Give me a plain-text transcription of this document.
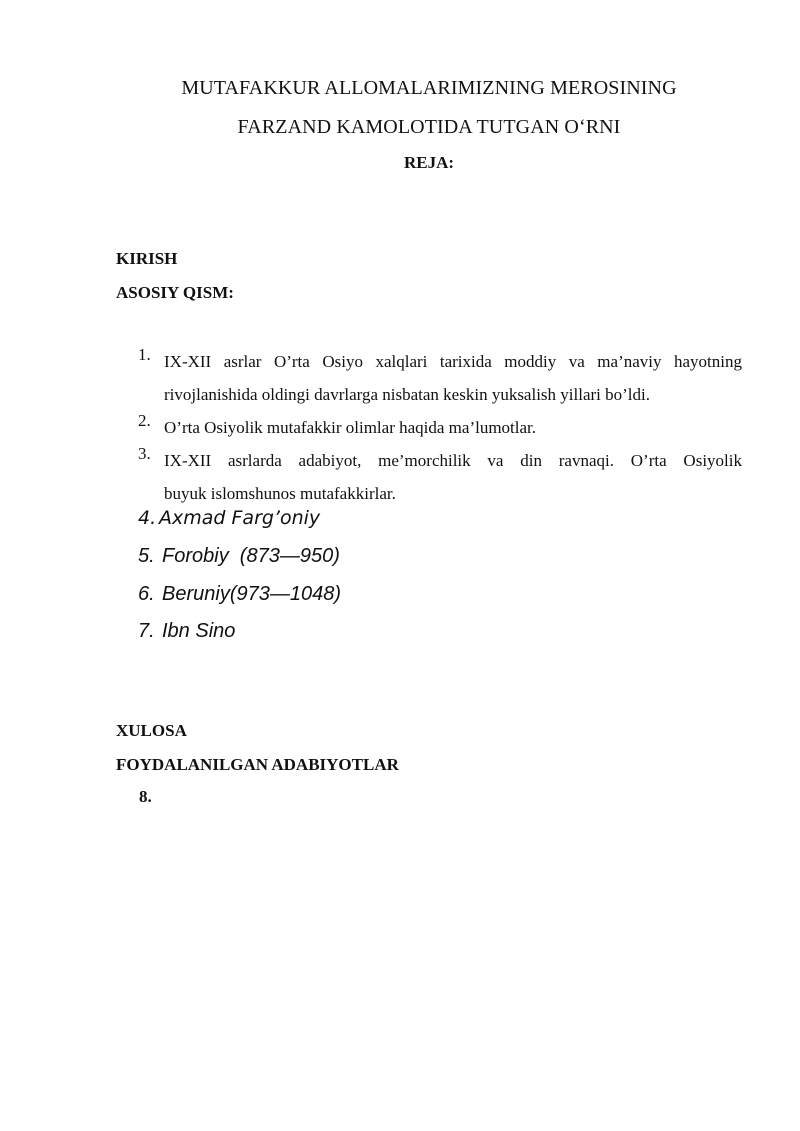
MUTAFAKKUR ALLOMALARIMIZNING MEROSINING
FARZAND KAMOLOTIDA TUTGAN O‘RNI
REJA:
KIRISH
ASOSIY QISM:
1. IX-XII asrlar O’rta Osiyo xalqlari tarixida moddiy va ma’naviy hayotning
rivojlanishida oldingi davrlarga nisbatan keskin yuksalish yillari bo’ldi.
2. O’rta Osiyolik mutafakkir olimlar haqida ma’lumotlar.
3. IX-XII asrlarda adabiyot, me’morchilik va din ravnaqi. O’rta Osiyolik
buyuk islomshunos mutafakkirlar.
4. Axmad Farg’oniy
5. Forobiy  (873—950)
6. Beruniy(973—1048)
7. Ibn Sino
XULOSA
FOYDALANILGAN ADABIYOTLAR
8.
